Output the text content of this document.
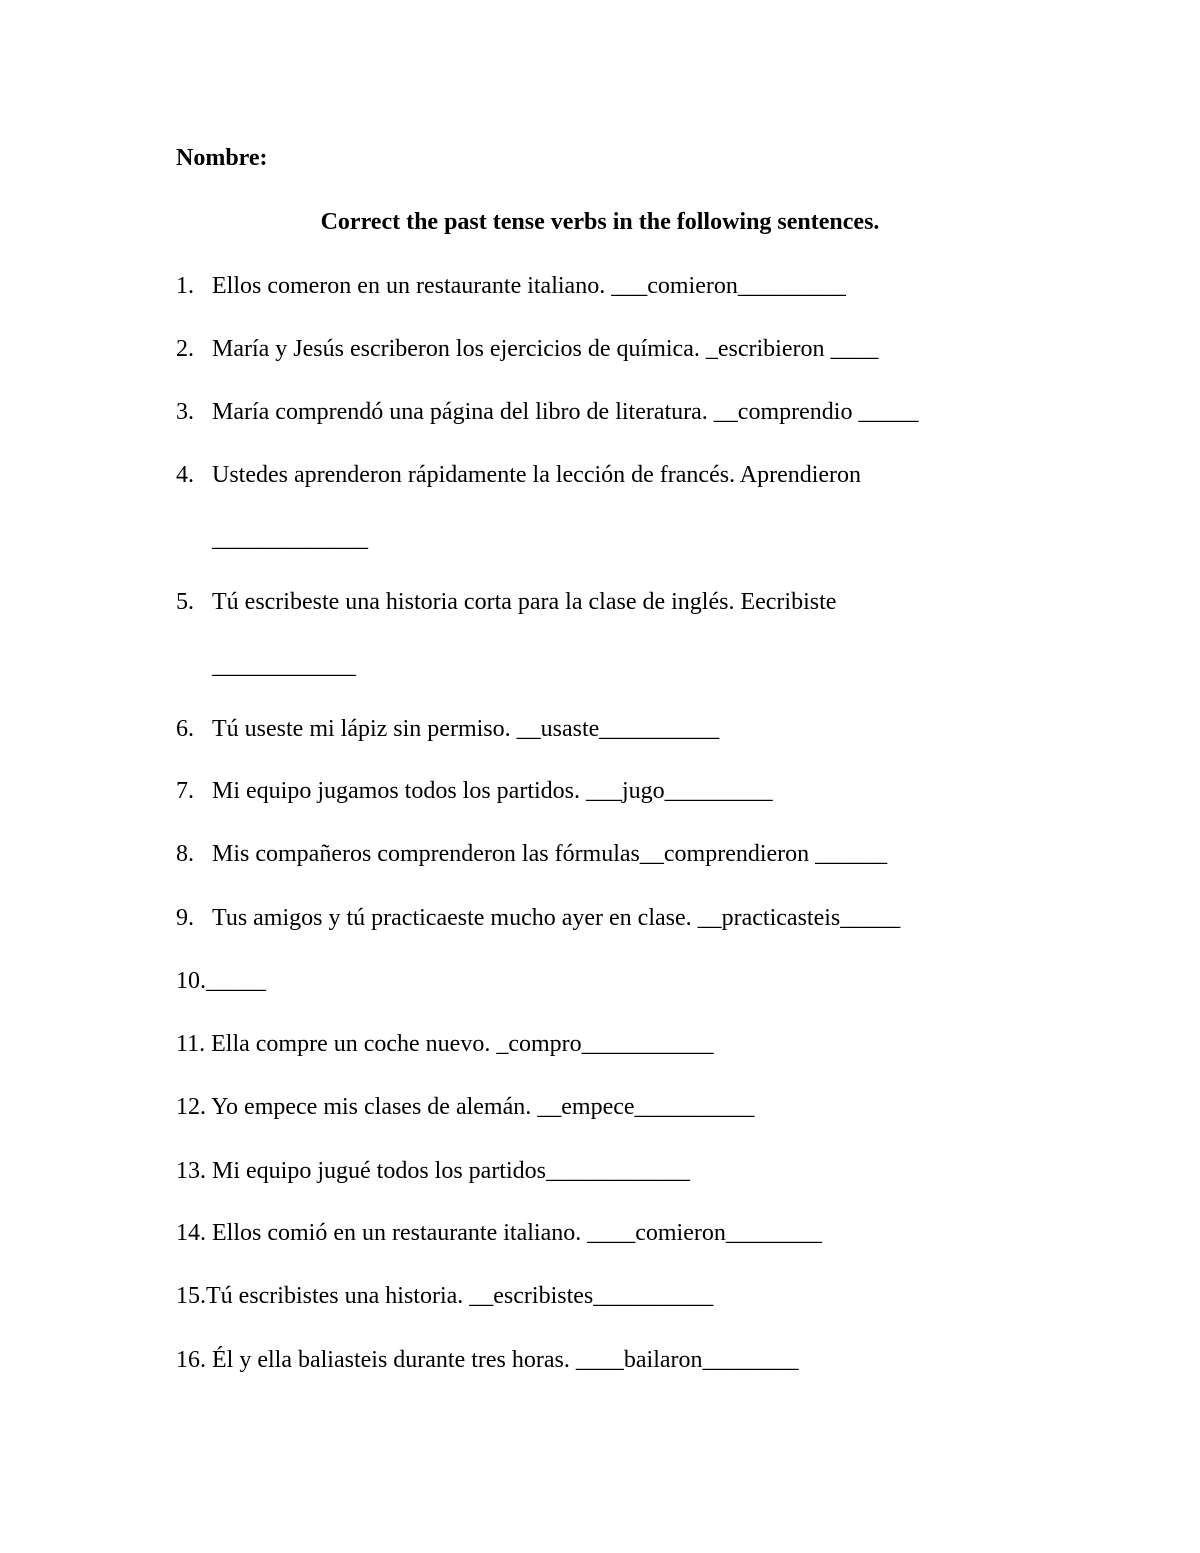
Nombre:

Correct the past tense verbs in the following sentences.

1. Ellos comeron en un restaurante italiano. ___comieron_________

2. María y Jesús escriberon los ejercicios de química. _escribieron ____

3. María comprendó una página del libro de literatura. __comprendio _____

4. Ustedes aprenderon rápidamente la lección de francés. Aprendieron

_____________

5. Tú escribeste una historia corta para la clase de inglés. Eecribiste

____________

6. Tú useste mi lápiz sin permiso. __usaste__________

7. Mi equipo jugamos todos los partidos. ___jugo_________

8. Mis compañeros comprenderon las fórmulas__comprendieron ______

9. Tus amigos y tú practicaeste mucho ayer en clase. __practicasteis_____

10._____

11. Ella compre un coche nuevo. _compro___________

12. Yo empece mis clases de alemán. __empece__________

13. Mi equipo jugué todos los partidos____________

14. Ellos comió en un restaurante italiano. ____comieron________

15.Tú escribistes una historia. __escribistes__________

16. Él y ella baliasteis durante tres horas. ____bailaron________
